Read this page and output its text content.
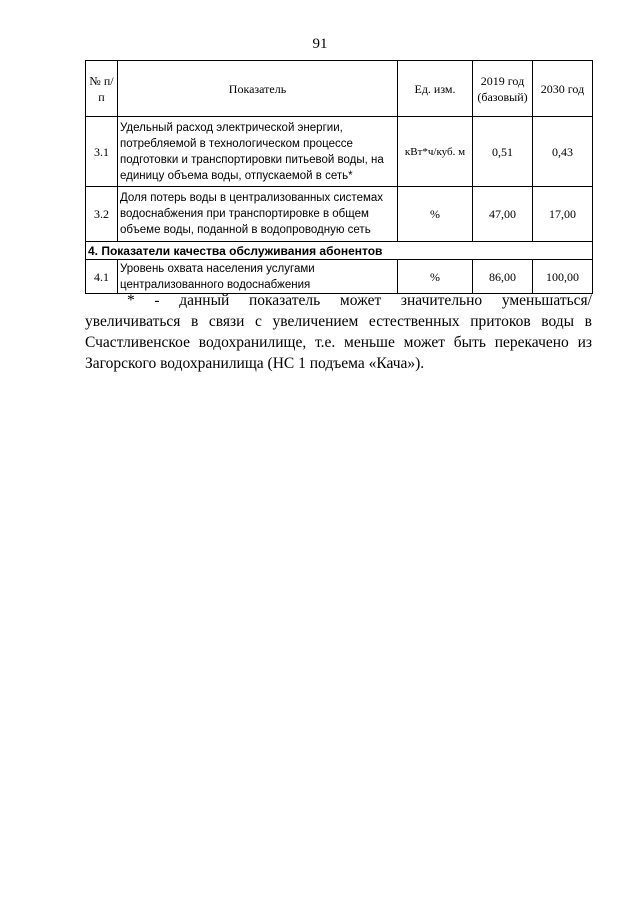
91
№ п/п	Показатель	Ед. изм.	2019 год (базовый)	2030 год
3.1	Удельный расход электрической энергии, потребляемой в технологическом процессе подготовки и транспортировки питьевой воды, на единицу объема воды, отпускаемой в сеть*	кВт*ч/куб. м	0,51	0,43
3.2	Доля потерь воды в централизованных системах водоснабжения при транспортировке в общем объеме воды, поданной в водопроводную сеть	%	47,00	17,00
4. Показатели качества обслуживания абонентов				
4.1	Уровень охвата населения услугами централизованного водоснабжения	%	86,00	100,00

* - данный показатель может значительно уменьшаться/ увеличиваться в связи с увеличением естественных притоков воды в Счастливенское водохранилище, т.е. меньше может быть перекачено из Загорского водохранилища (НС 1 подъема «Кача»).
